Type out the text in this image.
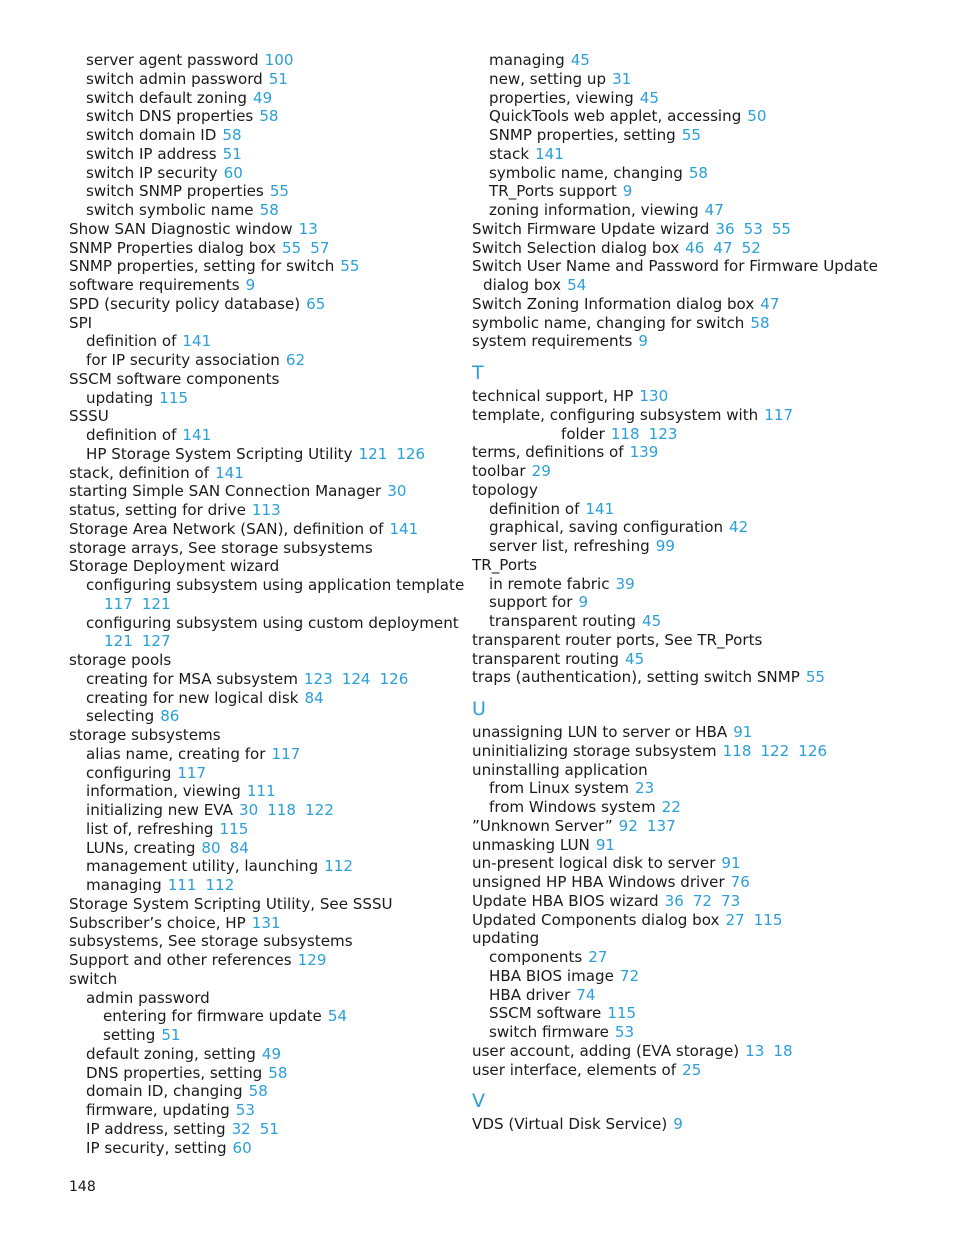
server agent password 100
switch admin password 51
switch default zoning 49
switch DNS properties 58
switch domain ID 58
switch IP address 51
switch IP security 60
switch SNMP properties 55
switch symbolic name 58
Show SAN Diagnostic window 13
SNMP Properties dialog box 55 57
SNMP properties, setting for switch 55
software requirements 9
SPD (security policy database) 65
SPI
definition of 141
for IP security association 62
SSCM software components
updating 115
SSSU
definition of 141
HP Storage System Scripting Utility 121 126
stack, definition of 141
starting Simple SAN Connection Manager 30
status, setting for drive 113
Storage Area Network (SAN), definition of 141
storage arrays, See storage subsystems
Storage Deployment wizard
configuring subsystem using application template
117 121
configuring subsystem using custom deployment
121 127
storage pools
creating for MSA subsystem 123 124 126
creating for new logical disk 84
selecting 86
storage subsystems
alias name, creating for 117
configuring 117
information, viewing 111
initializing new EVA 30 118 122
list of, refreshing 115
LUNs, creating 80 84
management utility, launching 112
managing 111 112
Storage System Scripting Utility, See SSSU
Subscriber’s choice, HP 131
subsystems, See storage subsystems
Support and other references 129
switch
admin password
entering for firmware update 54
setting 51
default zoning, setting 49
DNS properties, setting 58
domain ID, changing 58
firmware, updating 53
IP address, setting 32 51
IP security, setting 60
managing 45
new, setting up 31
properties, viewing 45
QuickTools web applet, accessing 50
SNMP properties, setting 55
stack 141
symbolic name, changing 58
TR_Ports support 9
zoning information, viewing 47
Switch Firmware Update wizard 36 53 55
Switch Selection dialog box 46 47 52
Switch User Name and Password for Firmware Update
dialog box 54
Switch Zoning Information dialog box 47
symbolic name, changing for switch 58
system requirements 9
T
technical support, HP 130
template, configuring subsystem with 117
folder 118 123
terms, definitions of 139
toolbar 29
topology
definition of 141
graphical, saving configuration 42
server list, refreshing 99
TR_Ports
in remote fabric 39
support for 9
transparent routing 45
transparent router ports, See TR_Ports
transparent routing 45
traps (authentication), setting switch SNMP 55
U
unassigning LUN to server or HBA 91
uninitializing storage subsystem 118 122 126
uninstalling application
from Linux system 23
from Windows system 22
”Unknown Server” 92 137
unmasking LUN 91
un-present logical disk to server 91
unsigned HP HBA Windows driver 76
Update HBA BIOS wizard 36 72 73
Updated Components dialog box 27 115
updating
components 27
HBA BIOS image 72
HBA driver 74
SSCM software 115
switch firmware 53
user account, adding (EVA storage) 13 18
user interface, elements of 25
V
VDS (Virtual Disk Service) 9
148
